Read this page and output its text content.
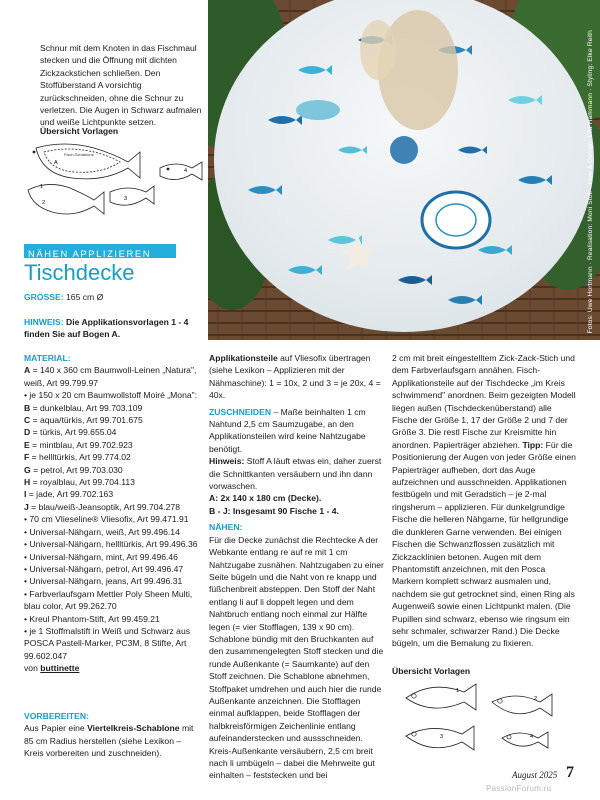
Schnur mit dem Knoten in das Fischmaul stecken und die Öffnung mit dichten Zickzackstichen schließen. Den Stoffüberstand A vorsichtig zurückschneiden, ohne die Schnur zu verletzen. Die Augen in Schwarz aufmalen und weiße Lichtpunkte setzen.
Übersicht Vorlagen
Fisch-Schablone
A
1
2
3
4
NÄHEN APPLIZIEREN
Tischdecke
GRÖSSE: 165 cm Ø
HINWEIS: Die Applikationsvorlagen 1 - 4 finden Sie auf Bogen A.
MATERIAL:
A = 140 x 360 cm Baumwoll-Leinen „Natura", weiß, Art 99.799.97
• je 150 x 20 cm Baumwollstoff Moiré „Mona":
B = dunkelblau, Art 99.703.109
C = aqua/türkis, Art 99.701.675
D = türkis, Art 99.655.04
E = mintblau, Art 99.702.923
F = hellltürkis, Art 99.774.02
G = petrol, Art 99.703.030
H = royalblau, Art 99.704.113
I = jade, Art 99.702.163
J = blau/weiß-Jeansoptik, Art 99.704.278
• 70 cm Vlieseline® Vliesofix, Art 99.471.91
• Universal-Nähgarn, weiß, Art 99.496.14
• Universal-Nähgarn, hellltürkis, Art 99.496.36
• Universal-Nähgarn, mint, Art 99.496.46
• Universal-Nähgarn, petrol, Art 99.496.47
• Universal-Nähgarn, jeans, Art 99.496.31
• Farbverlaufsgarn Mettler Poly Sheen Multi, blau color, Art 99.262.70
• Kreul Phantom-Stift, Art 99.459.21
• je 1 Stoffmalstift in Weiß und Schwarz aus POSCA Pastell-Marker, PC3M, 8 Stifte, Art 99.602.047
von buttinette
VORBEREITEN:
Aus Papier eine Viertelkreis-Schablone mit 85 cm Radius herstellen (siehe Lexikon – Kreis vorbereiten und zuschneiden).
Fotos: Uwe Hortmann · Realisation: Moni Stoll · Idee & Design: Lila Hammann · Styling: Elke Reith

Applikationsteile auf Vliesofix übertragen (siehe Lexikon – Applizieren mit der Nähmaschine): 1 = 10x, 2 und 3 = je 20x, 4 = 40x.

ZUSCHNEIDEN – Maße beinhalten 1 cm Nahtund 2,5 cm Saumzugabe, an den Applikationsteilen wird keine Nahtzugabe benötigt.

Hinweis: Stoff A läuft etwas ein, daher zuerst die Schnittkanten versäubern und ihn dann vorwaschen.

A: 2x 140 x 180 cm (Decke).

B - J: Insgesamt 90 Fische 1 - 4.

NÄHEN:

Für die Decke zunächst die Rechtecke A der Webkante entlang re auf re mit 1 cm Nahtzugabe zusnähen. Nahtzugaben zu einer Seite bügeln und die Naht von re knapp und füßchenbreit absteppen. Den Stoff der Naht entlang li auf li doppelt legen und dem Nahtbruch entlang noch einmal zur Hälfte legen (= vier Stofflagen, 139 x 90 cm). Schablone bündig mit den Bruchkanten auf den zusammengelegten Stoff stecken und die runde Außenkante (= Saumkante) auf den Stoff zeichnen. Die Schablone abnehmen, Stoffpaket umdrehen und auch hier die runde Außenkante anzeichnen. Die Stofflagen einmal aufklappen, beide Stofflagen der halbkreisförmigen Zeichenlinie entlang aufeinanderstecken und aussschneiden. Kreis-Außenkante versäubern, 2,5 cm breit nach li umbügeln – dabei die Mehrweite gut einhalten – feststecken und bei

2 cm mit breit eingestelltem Zick-Zack-Stich und dem Farbverlaufsgarn annähen. Fisch-Applikationsteile auf der Tischdecke „im Kreis schwimmend" anordnen. Beim gezeigten Modell liegen außen (Tischdeckenüberstand) alle Fische der Größe 1, 17 der Größe 2 und 7 der Größe 3. Die restl Fische zur Kreismitte hin anordnen. Papierträger abziehen. Tipp: Für die Positionierung der Augen von jeder Größe einen Papierträger aufheben, dort das Auge aufzeichnen und ausschneiden. Applikationen festbügeln und mit Geradstich – je 2-mal ringsherum – applizieren. Für dunkelgrundige Fische die helleren Nähgarne, für hellgrundige die dunkleren Garne verwenden. Bei einigen Fischen die Schwanzflossen zusätzlich mit Zickzacklinien betonen. Augen mit dem Phantomstift anzeichnen, mit den Posca Markern komplett schwarz ausmalen und, nachdem sie gut getrocknet sind, einen Ring als Augenweiß sowie einen Lichtpunkt malen. (Die Pupillen sind schwarz, ebenso wie ringsum ein sehr schmaler, schwarzer Rand.) Die Decke bügeln, um die Bemalung zu fixieren.

Übersicht Vorlagen
1
2
3	4
August 2025 7
PassionForum.ru
